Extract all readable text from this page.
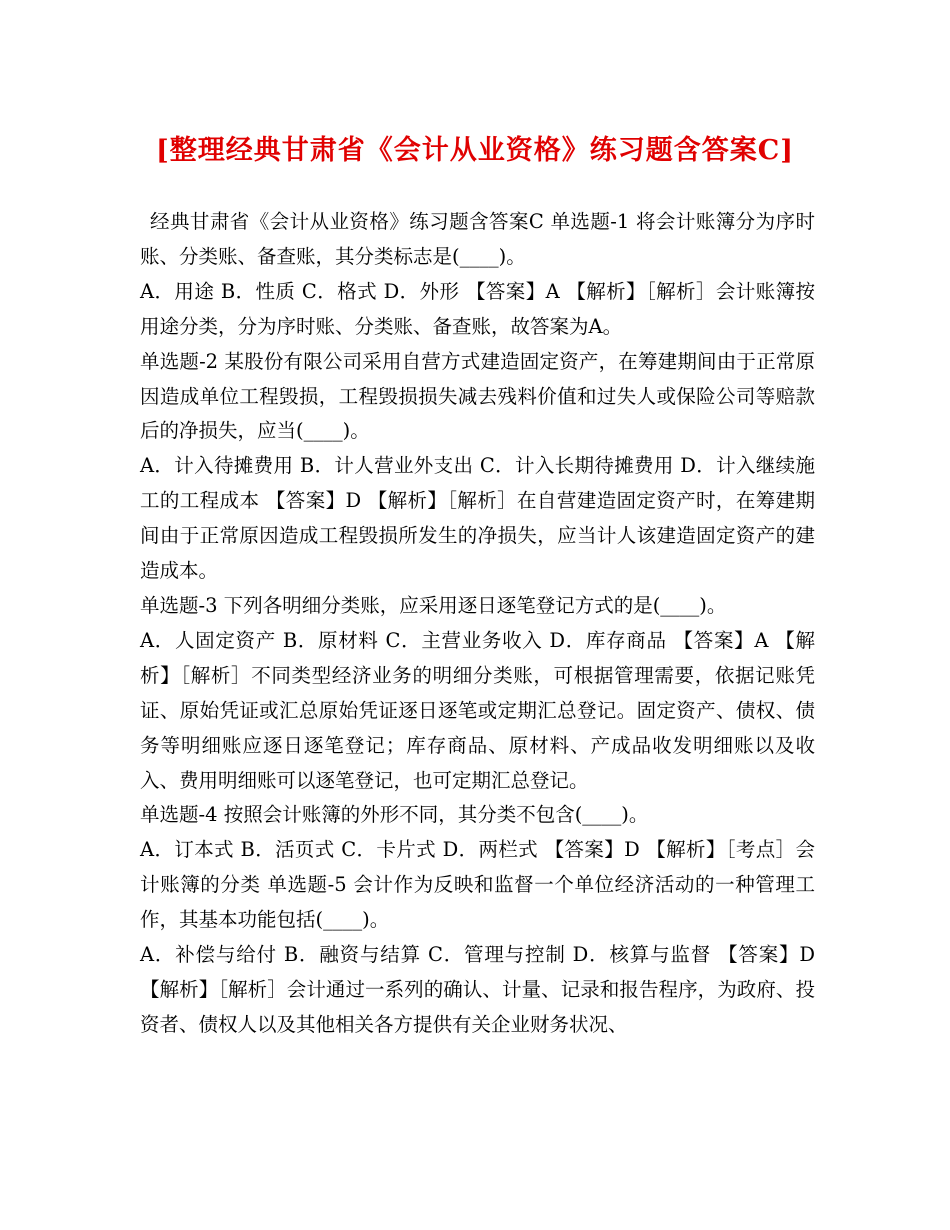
[整理经典甘肃省《会计从业资格》练习题含答案C]

经典甘肃省《会计从业资格》练习题含答案C 单选题-1 将会计账簿分为序时账、分类账、备查账，其分类标志是(____)。

A．用途 B．性质 C．格式 D．外形 【答案】A 【解析】［解析］会计账簿按用途分类，分为序时账、分类账、备查账，故答案为A。

单选题-2 某股份有限公司采用自营方式建造固定资产，在筹建期间由于正常原因造成单位工程毁损，工程毁损损失减去残料价值和过失人或保险公司等赔款后的净损失，应当(____)。

A．计入待摊费用 B．计人营业外支出 C．计入长期待摊费用 D．计入继续施工的工程成本 【答案】D 【解析】［解析］在自营建造固定资产时，在筹建期间由于正常原因造成工程毁损所发生的净损失，应当计人该建造固定资产的建造成本。

单选题-3 下列各明细分类账，应采用逐日逐笔登记方式的是(____)。

A．人固定资产 B．原材料 C．主营业务收入 D．库存商品 【答案】A 【解析】［解析］不同类型经济业务的明细分类账，可根据管理需要，依据记账凭证、原始凭证或汇总原始凭证逐日逐笔或定期汇总登记。固定资产、债权、债务等明细账应逐日逐笔登记；库存商品、原材料、产成品收发明细账以及收入、费用明细账可以逐笔登记，也可定期汇总登记。

单选题-4 按照会计账簿的外形不同，其分类不包含(____)。

A．订本式 B．活页式 C．卡片式 D．两栏式 【答案】D 【解析】［考点］会计账簿的分类 单选题-5 会计作为反映和监督一个单位经济活动的一种管理工作，其基本功能包括(____)。

A．补偿与给付 B．融资与结算 C．管理与控制 D．核算与监督 【答案】D 【解析】［解析］会计通过一系列的确认、计量、记录和报告程序，为政府、投资者、债权人以及其他相关各方提供有关企业财务状况、
